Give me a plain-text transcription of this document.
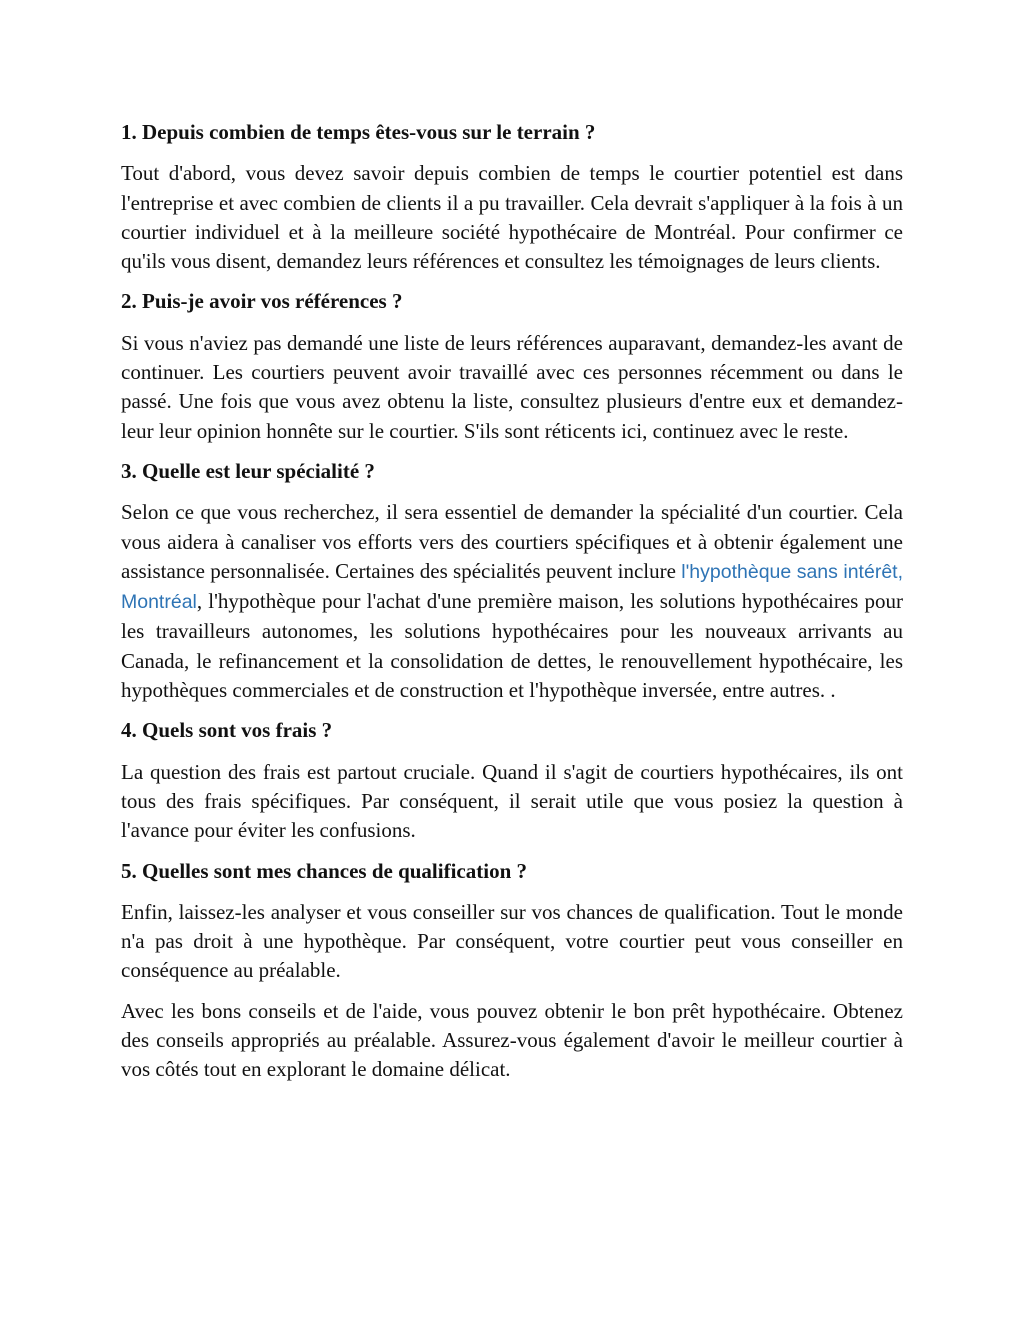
1. Depuis combien de temps êtes-vous sur le terrain ?

Tout d'abord, vous devez savoir depuis combien de temps le courtier potentiel est dans l'entreprise et avec combien de clients il a pu travailler. Cela devrait s'appliquer à la fois à un courtier individuel et à la meilleure société hypothécaire de Montréal. Pour confirmer ce qu'ils vous disent, demandez leurs références et consultez les témoignages de leurs clients.

2. Puis-je avoir vos références ?

Si vous n'aviez pas demandé une liste de leurs références auparavant, demandez-les avant de continuer. Les courtiers peuvent avoir travaillé avec ces personnes récemment ou dans le passé. Une fois que vous avez obtenu la liste, consultez plusieurs d'entre eux et demandez-leur leur opinion honnête sur le courtier. S'ils sont réticents ici, continuez avec le reste.

3. Quelle est leur spécialité ?

Selon ce que vous recherchez, il sera essentiel de demander la spécialité d'un courtier. Cela vous aidera à canaliser vos efforts vers des courtiers spécifiques et à obtenir également une assistance personnalisée. Certaines des spécialités peuvent inclure l'hypothèque sans intérêt, Montréal, l'hypothèque pour l'achat d'une première maison, les solutions hypothécaires pour les travailleurs autonomes, les solutions hypothécaires pour les nouveaux arrivants au Canada, le refinancement et la consolidation de dettes, le renouvellement hypothécaire, les hypothèques commerciales et de construction et l'hypothèque inversée, entre autres. .

4. Quels sont vos frais ?

La question des frais est partout cruciale. Quand il s'agit de courtiers hypothécaires, ils ont tous des frais spécifiques. Par conséquent, il serait utile que vous posiez la question à l'avance pour éviter les confusions.

5. Quelles sont mes chances de qualification ?

Enfin, laissez-les analyser et vous conseiller sur vos chances de qualification. Tout le monde n'a pas droit à une hypothèque. Par conséquent, votre courtier peut vous conseiller en conséquence au préalable.

Avec les bons conseils et de l'aide, vous pouvez obtenir le bon prêt hypothécaire. Obtenez des conseils appropriés au préalable. Assurez-vous également d'avoir le meilleur courtier à vos côtés tout en explorant le domaine délicat.
